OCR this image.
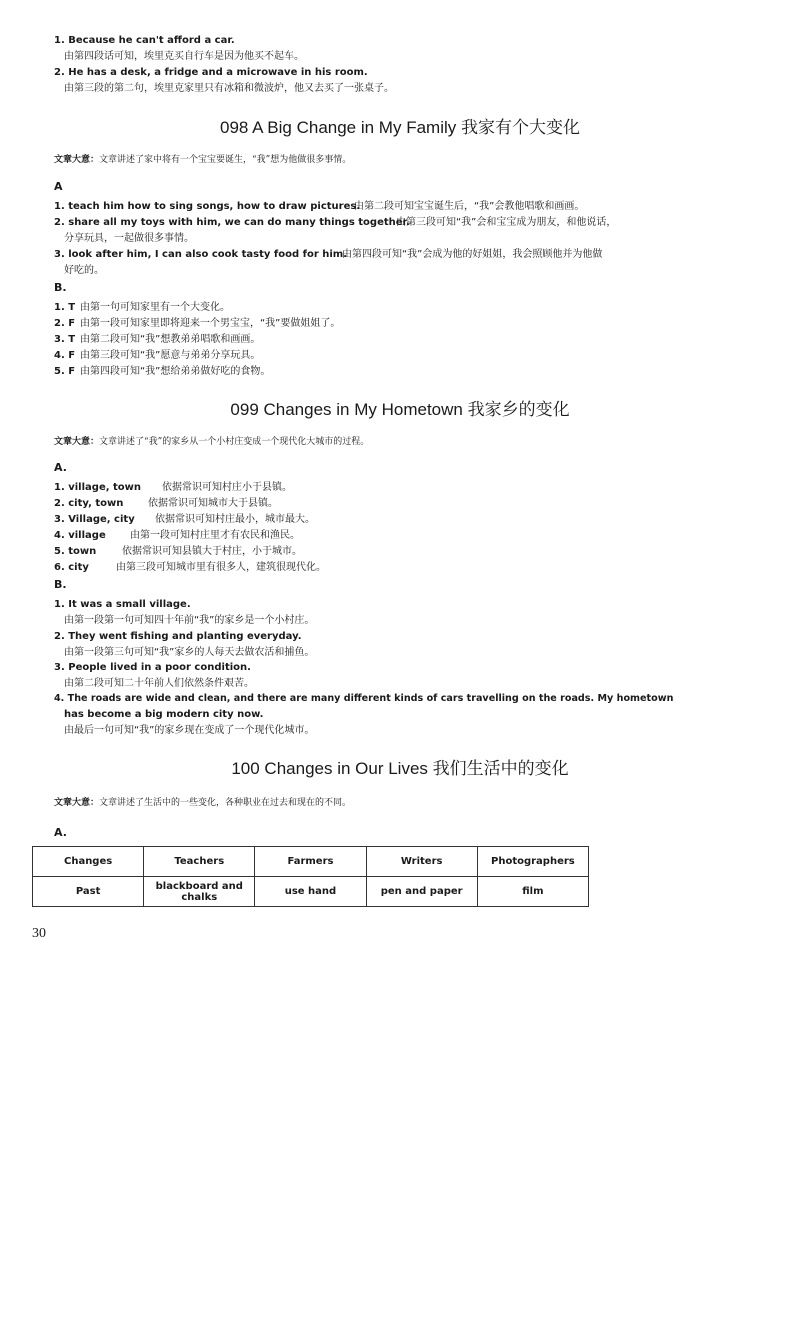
1. Because he can't afford a car.
由第四段话可知，埃里克买自行车是因为他买不起车。
2. He has a desk, a fridge and a microwave in his room.
由第三段的第二句，埃里克家里只有冰箱和微波炉，他又去买了一张桌子。
098 A Big Change in My Family 我家有个大变化
文章大意：文章讲述了家中将有一个宝宝要诞生，“我”想为他做很多事情。
A
1. teach him how to sing songs, how to draw pictures.
由第二段可知宝宝诞生后，“我”会教他唱歌和画画。
2. share all my toys with him, we can do many things together.
由第三段可知“我”会和宝宝成为朋友，和他说话，
分享玩具，一起做很多事情。
3. look after him, I can also cook tasty food for him.
由第四段可知“我”会成为他的好姐姐，我会照顾他并为他做
好吃的。
B.
1. T 由第一句可知家里有一个大变化。
2. F 由第一段可知家里即将迎来一个男宝宝，“我”要做姐姐了。
3. T 由第二段可知“我”想教弟弟唱歌和画画。
4. F 由第三段可知“我”愿意与弟弟分享玩具。
5. F 由第四段可知“我”想给弟弟做好吃的食物。
099 Changes in My Hometown 我家乡的变化
文章大意：文章讲述了“我”的家乡从一个小村庄变成一个现代化大城市的过程。
A.
1. village, town 依据常识可知村庄小于县镇。
2. city, town 依据常识可知城市大于县镇。
3. Village, city 依据常识可知村庄最小，城市最大。
4. village 由第一段可知村庄里才有农民和渔民。
5. town	依据常识可知县镇大于村庄，小于城市。
6. city	由第三段可知城市里有很多人，建筑很现代化。
B.
1. It was a small village.
由第一段第一句可知四十年前“我”的家乡是一个小村庄。
2. They went fishing and planting everyday.
由第一段第三句可知“我”家乡的人每天去做农活和捕鱼。
3. People lived in a poor condition.
由第二段可知二十年前人们依然条件艰苦。
4. The roads are wide and clean, and there are many different kinds of cars travelling on the roads. My hometown
has become a big modern city now.
由最后一句可知“我”的家乡现在变成了一个现代化城市。
100 Changes in Our Lives 我们生活中的变化
文章大意：文章讲述了生活中的一些变化，各种职业在过去和现在的不同。
A.
Changes	Teachers	Farmers	Writers	Photographers
Past	blackboard and chalks	use hand	pen and paper	film
30
